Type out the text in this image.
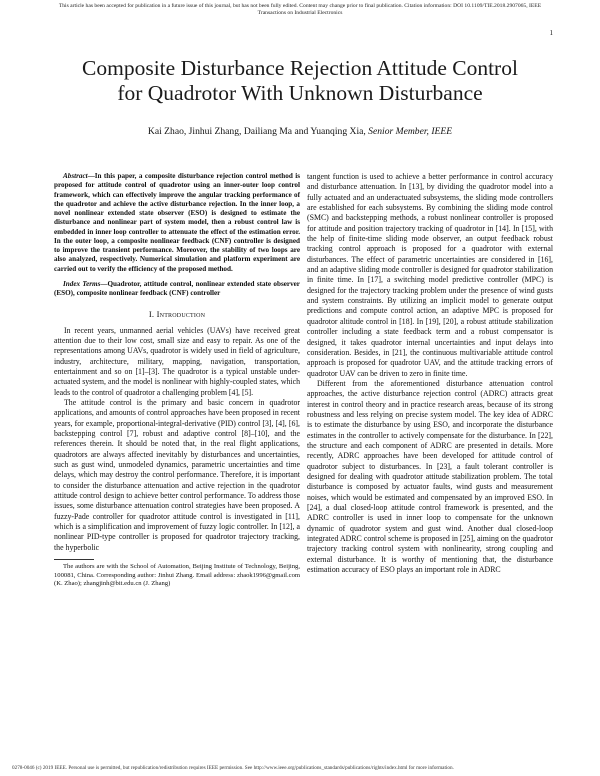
This article has been accepted for publication in a future issue of this journal, but has not been fully edited. Content may change prior to final publication. Citation information: DOI 10.1109/TIE.2018.2907065, IEEE
Transactions on Industrial Electronics
1
Composite Disturbance Rejection Attitude Control
for Quadrotor With Unknown Disturbance
Kai Zhao, Jinhui Zhang, Dailiang Ma and Yuanqing Xia, Senior Member, IEEE

Abstract—In this paper, a composite disturbance rejection control method is proposed for attitude control of quadrotor using an inner-outer loop control framework, which can effectively improve the angular tracking performance of the quadrotor and achieve the active disturbance rejection. In the inner loop, a novel nonlinear extended state observer (ESO) is designed to estimate the disturbance and nonlinear part of system model, then a robust control law is embedded in inner loop controller to attenuate the effect of the estimation error. In the outer loop, a composite nonlinear feedback (CNF) controller is designed to improve the transient performance. Moreover, the stability of two loops are also analyzed, respectively. Numerical simulation and platform experiment are carried out to verify the efficiency of the proposed method.

Index Terms—Quadrotor, attitude control, nonlinear extended state observer (ESO), composite nonlinear feedback (CNF) controller

I. Introduction

In recent years, unmanned aerial vehicles (UAVs) have received great attention due to their low cost, small size and easy to repair. As one of the representations among UAVs, quadrotor is widely used in field of agriculture, industry, architecture, military, mapping, navigation, transportation, entertainment and so on [1]–[3]. The quadrotor is a typical unstable under-actuated system, and the model is nonlinear with highly-coupled states, which leads to the control of quadrotor a challenging problem [4], [5].

The attitude control is the primary and basic concern in quadrotor applications, and amounts of control approaches have been proposed in recent years, for example, proportional-integral-derivative (PID) control [3], [4], [6], backstepping control [7], robust and adaptive control [8]–[10], and the references therein. It should be noted that, in the real flight applications, quadrotors are always affected inevitably by disturbances and uncertainties, such as gust wind, unmodeled dynamics, parametric uncertainties and time delays, which may destroy the control performance. Therefore, it is important to consider the disturbance attenuation and active rejection in the quadrotor attitude control design to achieve better control performance. To address those issues, some disturbance attenuation control strategies have been proposed. A fuzzy-Pade controller for quadrotor attitude control is investigated in [11], which is a simplification and improvement of fuzzy logic controller. In [12], a nonlinear PID-type controller is proposed for quadrotor trajectory tracking, the hyperbolic

The authors are with the School of Automation, Beijing Institute of Technology, Beijing, 100081, China. Corresponding author: Jinhui Zhang. Email address: zhaok1996@gmail.com (K. Zhao); zhangjinh@bit.edu.cn (J. Zhang)

tangent function is used to achieve a better performance in control accuracy and disturbance attenuation. In [13], by dividing the quadrotor model into a fully actuated and an underactuated subsystems, the sliding mode controllers are established for each subsystems. By combining the sliding mode control (SMC) and backstepping methods, a robust nonlinear controller is proposed for attitude and position trajectory tracking of quadrotor in [14]. In [15], with the help of finite-time sliding mode observer, an output feedback robust tracking control approach is proposed for a quadrotor with external disturbances. The effect of parametric uncertainties are considered in [16], and an adaptive sliding mode controller is designed for quadrotor stabilization in finite time. In [17], a switching model predictive controller (MPC) is designed for the trajectory tracking problem under the presence of wind gusts and system constraints. By utilizing an implicit model to generate output predictions and compute control action, an adaptive MPC is proposed for quadrotor altitude control in [18]. In [19], [20], a robust attitude stabilization controller including a state feedback term and a robust compensator is designed, it takes quadrotor internal uncertainties and input delays into consideration. Besides, in [21], the continuous multivariable attitude control approach is proposed for quadrotor UAV, and the attitude tracking errors of quadrotor UAV can be driven to zero in finite time.

Different from the aforementioned disturbance attenuation control approaches, the active disturbance rejection control (ADRC) attracts great interest in control theory and in practice research areas, because of its strong robustness and less relying on precise system model. The key idea of ADRC is to estimate the disturbance by using ESO, and incorporate the disturbance estimates in the controller to actively compensate for the disturbance. In [22], the structure and each component of ADRC are presented in details. More recently, ADRC approaches have been developed for attitude control of quadrotor subject to disturbances. In [23], a fault tolerant controller is designed for dealing with quadrotor attitude stabilization problem. The total disturbance is composed by actuator faults, wind gusts and measurement noises, which would be estimated and compensated by an improved ESO. In [24], a dual closed-loop attitude control framework is presented, and the ADRC controller is used in inner loop to compensate for the unknown dynamic of quadrotor system and gust wind. Another dual closed-loop integrated ADRC control scheme is proposed in [25], aiming on the quadrotor trajectory tracking control system with nonlinearity, strong coupling and external disturbance. It is worthy of mentioning that, the disturbance estimation accuracy of ESO plays an important role in ADRC

0278-0046 (c) 2019 IEEE. Personal use is permitted, but republication/redistribution requires IEEE permission. See http://www.ieee.org/publications_standards/publications/rights/index.html for more information.
